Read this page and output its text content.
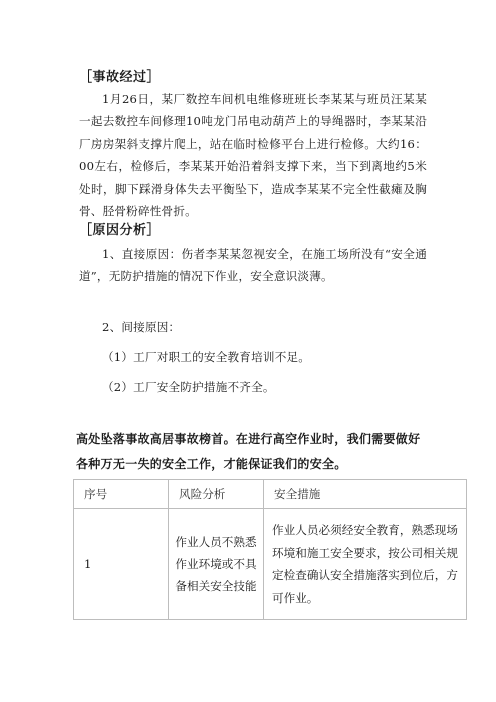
［事故经过］
1月26日，某厂数控车间机电维修班班长李某某与班员汪某某一起去数控车间修理10吨龙门吊电动葫芦上的导绳器时，李某某沿厂房房架斜支撑片爬上，站在临时检修平台上进行检修。大约16：00左右，检修后，李某某开始沿着斜支撑下来，当下到离地约5米处时，脚下踩滑身体失去平衡坠下，造成李某某不完全性截瘫及胸骨、胫骨粉碎性骨折。
［原因分析］
1、直接原因：伤者李某某忽视安全，在施工场所没有“安全通道”，无防护措施的情况下作业，安全意识淡薄。
2、间接原因：
（1）工厂对职工的安全教育培训不足。
（2）工厂安全防护措施不齐全。
高处坠落事故高居事故榜首。在进行高空作业时，我们需要做好各种万无一失的安全工作，才能保证我们的安全。
序号	风险分析	安全措施
1	作业人员不熟悉作业环境或不具备相关安全技能	作业人员必须经安全教育，熟悉现场环境和施工安全要求，按公司相关规定检查确认安全措施落实到位后，方可作业。
